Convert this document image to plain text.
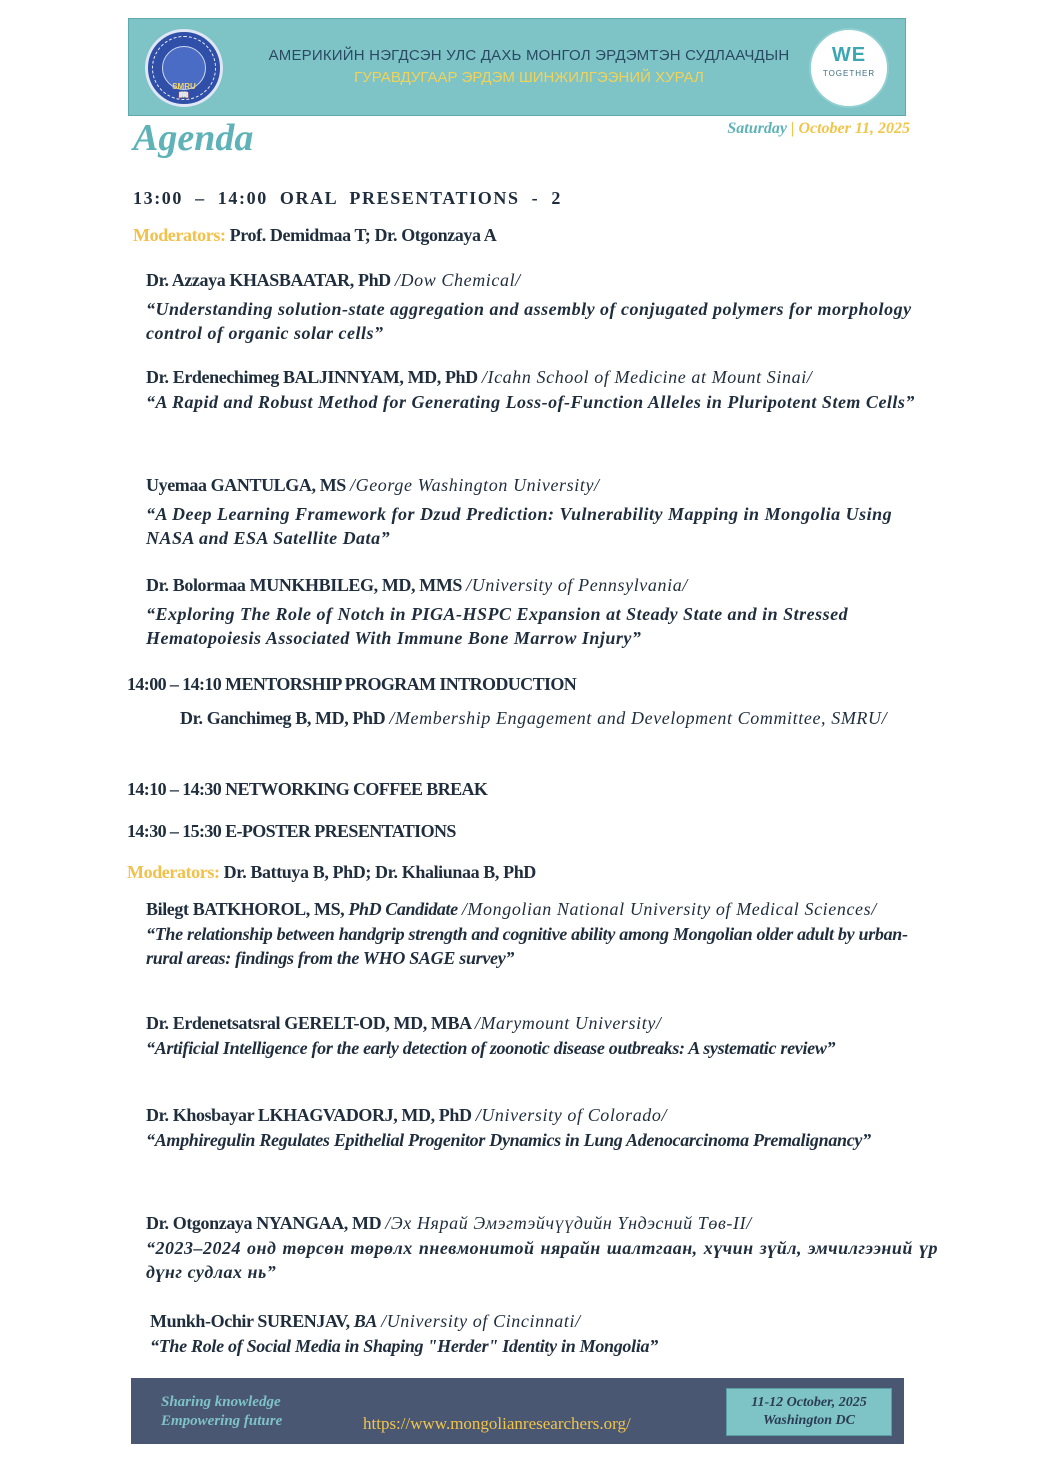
SMRU
📖
АМЕРИКИЙН НЭГДСЭН УЛС ДАХЬ МОНГОЛ ЭРДЭМТЭН СУДЛААЧДЫН
ГУРАВДУГААР ЭРДЭМ ШИНЖИЛГЭЭНИЙ ХУРАЛ
WE
TOGETHER
Agenda	Saturday | October 11, 2025
13:00 – 14:00 ORAL PRESENTATIONS - 2
Moderators: Prof. Demidmaa T; Dr. Otgonzaya A
Dr. Azzaya KHASBAATAR, PhD /Dow Chemical/
“Understanding solution-state aggregation and assembly of conjugated polymers for morphology control of organic solar cells”
Dr. Erdenechimeg BALJINNYAM, MD, PhD /Icahn School of Medicine at Mount Sinai/
“A Rapid and Robust Method for Generating Loss-of-Function Alleles in Pluripotent Stem Cells”
Uyemaa GANTULGA, MS /George Washington University/
“A Deep Learning Framework for Dzud Prediction: Vulnerability Mapping in Mongolia Using NASA and ESA Satellite Data”
Dr. Bolormaa MUNKHBILEG, MD, MMS /University of Pennsylvania/
“Exploring The Role of Notch in PIGA-HSPC Expansion at Steady State and in Stressed Hematopoiesis Associated With Immune Bone Marrow Injury”
14:00 – 14:10 MENTORSHIP PROGRAM INTRODUCTION
Dr. Ganchimeg B, MD, PhD /Membership Engagement and Development Committee, SMRU/
14:10 – 14:30 NETWORKING COFFEE BREAK
14:30 – 15:30 E-POSTER PRESENTATIONS
Moderators: Dr. Battuya B, PhD; Dr. Khaliunaa B, PhD
Bilegt BATKHOROL, MS, PhD Candidate /Mongolian National University of Medical Sciences/
“The relationship between handgrip strength and cognitive ability among Mongolian older adult by urban-rural areas: findings from the WHO SAGE survey”
Dr. Erdenetsatsral GERELT-OD, MD, MBA /Marymount University/
“Artificial Intelligence for the early detection of zoonotic disease outbreaks: A systematic review”
Dr. Khosbayar LKHAGVADORJ, MD, PhD /University of Colorado/
“Amphiregulin Regulates Epithelial Progenitor Dynamics in Lung Adenocarcinoma Premalignancy”
Dr. Otgonzaya NYANGAA, MD /Эх Нярай Эмэгтэйчүүдийн Үндэсний Төв-II/
“2023–2024 онд төрсөн төрөлх пневмонитой нярайн шалтгаан, хүчин зүйл, эмчилгээний үр дүнг судлах нь”
Munkh-Ochir SURENJAV, BA /University of Cincinnati/
“The Role of Social Media in Shaping "Herder" Identity in Mongolia”
Sharing knowledge
Empowering future	https://www.mongolianresearchers.org/
11-12 October, 2025
Washington DC
